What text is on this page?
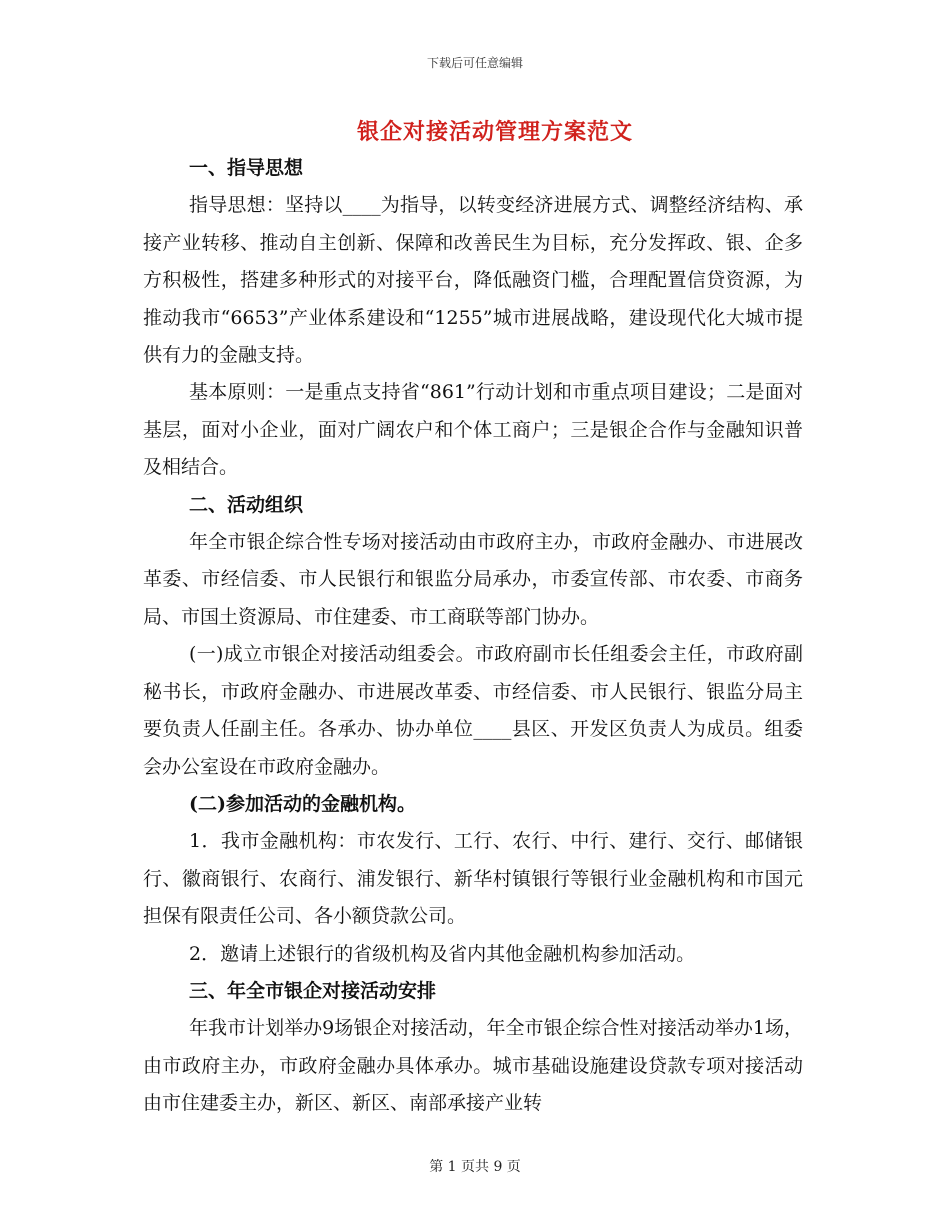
下载后可任意编辑
银企对接活动管理方案范文

一、指导思想

指导思想：坚持以____为指导，以转变经济进展方式、调整经济结构、承接产业转移、推动自主创新、保障和改善民生为目标，充分发挥政、银、企多方积极性，搭建多种形式的对接平台，降低融资门槛，合理配置信贷资源，为推动我市“6653”产业体系建设和“1255”城市进展战略，建设现代化大城市提供有力的金融支持。

基本原则：一是重点支持省“861”行动计划和市重点项目建设；二是面对基层，面对小企业，面对广阔农户和个体工商户；三是银企合作与金融知识普及相结合。

二、活动组织

年全市银企综合性专场对接活动由市政府主办，市政府金融办、市进展改革委、市经信委、市人民银行和银监分局承办，市委宣传部、市农委、市商务局、市国土资源局、市住建委、市工商联等部门协办。

(一)成立市银企对接活动组委会。市政府副市长任组委会主任，市政府副秘书长，市政府金融办、市进展改革委、市经信委、市人民银行、银监分局主要负责人任副主任。各承办、协办单位____县区、开发区负责人为成员。组委会办公室设在市政府金融办。

(二)参加活动的金融机构。

1．我市金融机构：市农发行、工行、农行、中行、建行、交行、邮储银行、徽商银行、农商行、浦发银行、新华村镇银行等银行业金融机构和市国元担保有限责任公司、各小额贷款公司。

2．邀请上述银行的省级机构及省内其他金融机构参加活动。

三、年全市银企对接活动安排

年我市计划举办9场银企对接活动，年全市银企综合性对接活动举办1场，由市政府主办，市政府金融办具体承办。城市基础设施建设贷款专项对接活动由市住建委主办，新区、新区、南部承接产业转

第 1 页共 9 页
